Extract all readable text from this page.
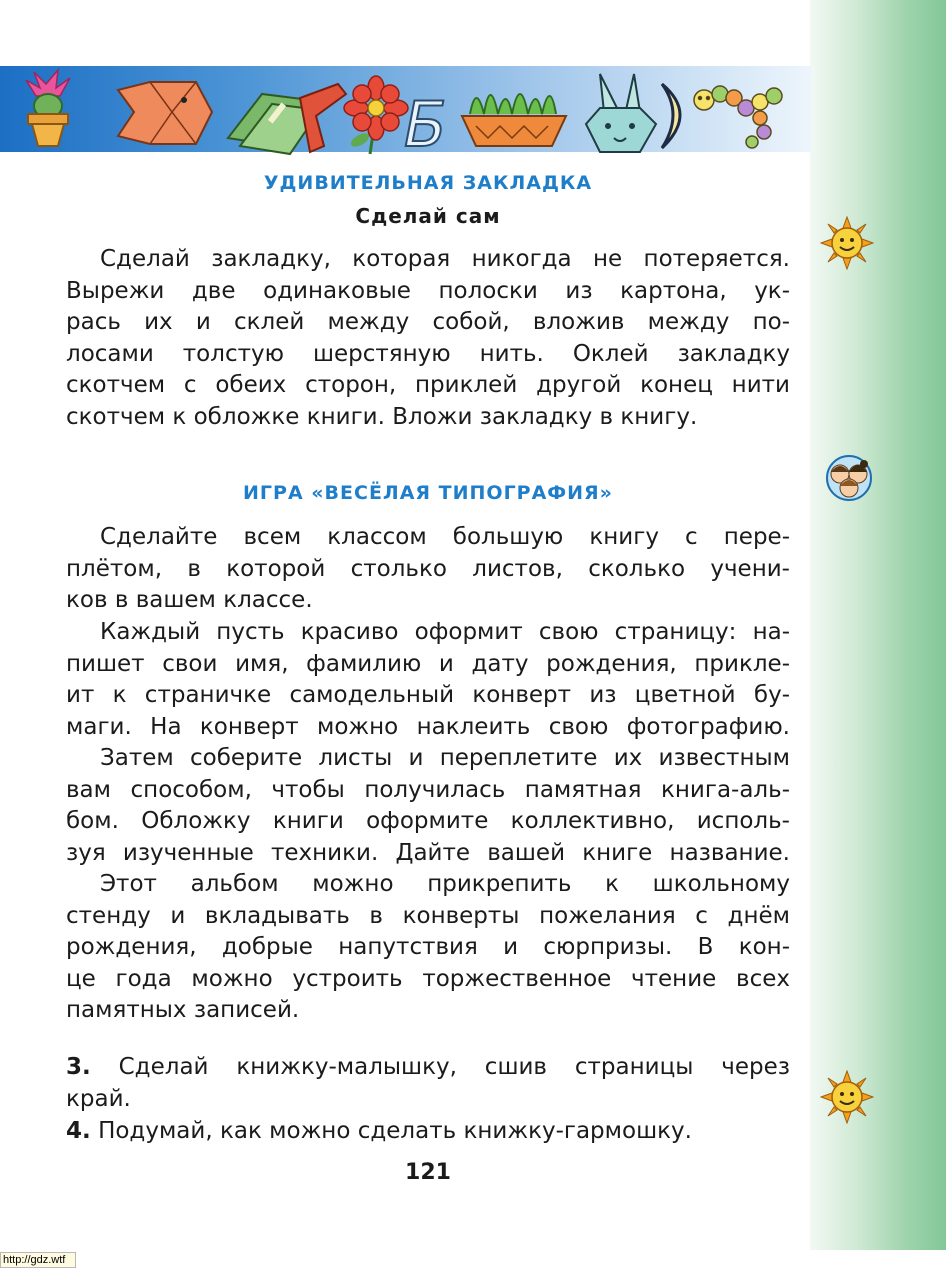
Б
УДИВИТЕЛЬНАЯ ЗАКЛАДКА
Сделай сам
Сделай закладку, которая никогда не потеряется.
Вырежи две одинаковые полоски из картона, ук-
рась их и склей между собой, вложив между по-
лосами толстую шерстяную нить. Оклей закладку
скотчем с обеих сторон, приклей другой конец нити
скотчем к обложке книги. Вложи закладку в книгу.
ИГРА «ВЕСЁЛАЯ ТИПОГРАФИЯ»
Сделайте всем классом большую книгу с пере-
плётом, в которой столько листов, сколько учени-
ков в вашем классе.
Каждый пусть красиво оформит свою страницу: на-
пишет свои имя, фамилию и дату рождения, прикле-
ит к страничке самодельный конверт из цветной бу-
маги. На конверт можно наклеить свою фотографию.
Затем соберите листы и переплетите их известным
вам способом, чтобы получилась памятная книга-аль-
бом. Обложку книги оформите коллективно, исполь-
зуя изученные техники. Дайте вашей книге название.
Этот альбом можно прикрепить к школьному
стенду и вкладывать в конверты пожелания с днём
рождения, добрые напутствия и сюрпризы. В кон-
це года можно устроить торжественное чтение всех
памятных записей.
3. Сделай книжку-малышку, сшив страницы через
край.
4. Подумай, как можно сделать книжку-гармошку.
121
http://gdz.wtf
